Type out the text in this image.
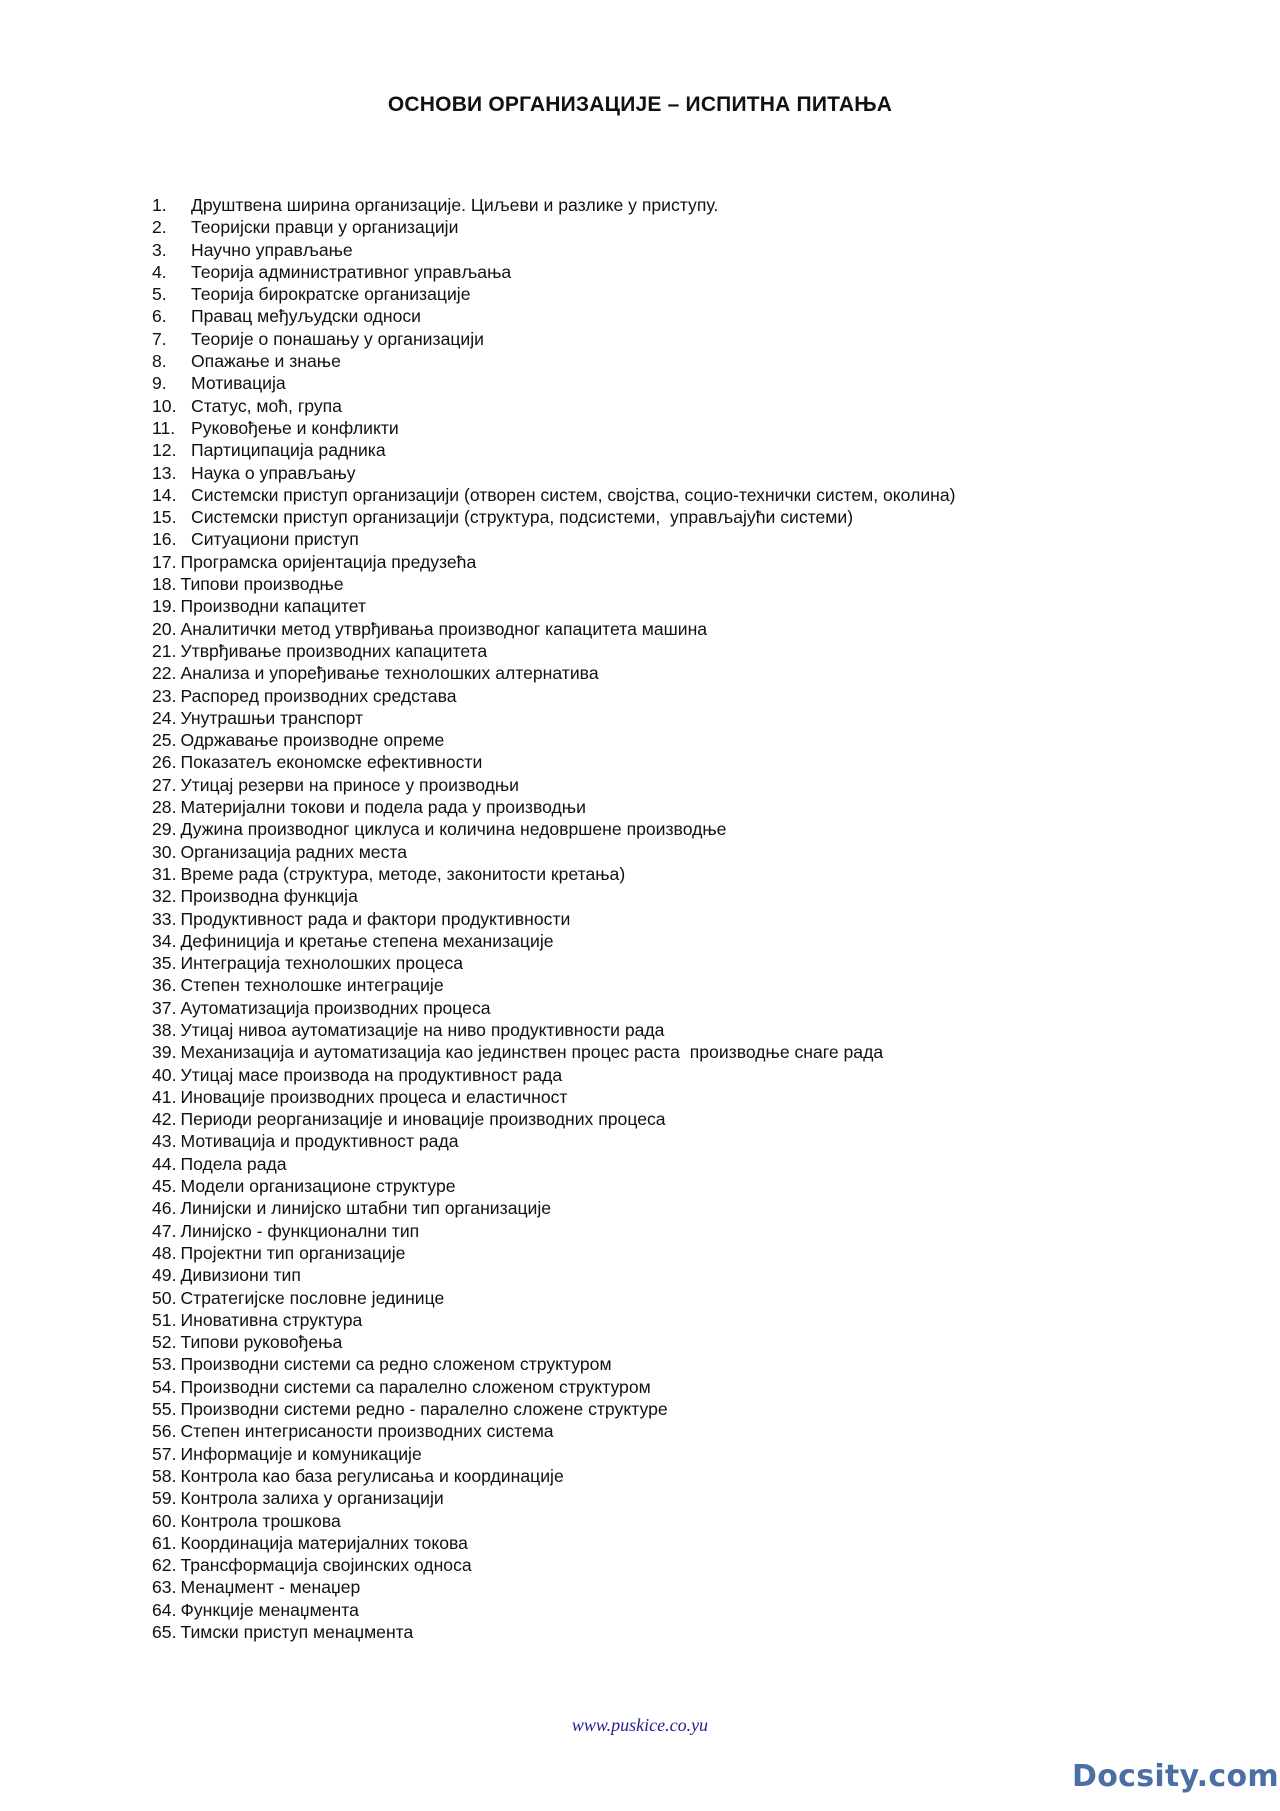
ОСНОВИ ОРГАНИЗАЦИЈЕ – ИСПИТНА ПИТАЊА
1. Друштвена ширина организације. Циљеви и разлике у приступу.
2. Теоријски правци у организацији
3. Научно управљање
4. Теорија административног управљања
5. Теорија бирократске организације
6. Правац међуљудски односи
7. Теорије о понашању у организацији
8. Опажање и знање
9. Мотивација
10. Статус, моћ, група
11. Руковођење и конфликти
12. Партиципација радника
13. Наука о управљању
14. Системски приступ организацији (отворен систем, својства, социо-технички систем, околина)
15. Системски приступ организацији (структура, подсистеми,  управљајући системи)
16. Ситуациони приступ
17. Програмска оријентација предузећа
18. Типови производње
19. Производни капацитет
20. Аналитички метод утврђивања производног капацитета машина
21. Утврђивање производних капацитета
22. Анализа и упоређивање технолошких алтернатива
23. Распоред производних средстава
24. Унутрашњи транспорт
25. Одржавање производне опреме
26. Показатељ економске ефективности
27. Утицај резерви на приносе у производњи
28. Материјални токови и подела рада у производњи
29. Дужина производног циклуса и количина недовршене производње
30. Организација радних места
31. Време рада (структура, методе, законитости кретања)
32. Производна функција
33. Продуктивност рада и фактори продуктивности
34. Дефиниција и кретање степена механизације
35. Интеграција технолошких процеса
36. Степен технолошке интеграције
37. Аутоматизација производних процеса
38. Утицај нивоа аутоматизације на ниво продуктивности рада
39. Механизација и аутоматизација као јединствен процес раста  производње снаге рада
40. Утицај масе производа на продуктивност рада
41. Иновације производних процеса и еластичност
42. Периоди реорганизације и иновације производних процеса
43. Мотивација и продуктивност рада
44. Подела рада
45. Модели организационе структуре
46. Линијски и линијско штабни тип организације
47. Линијско - функционални тип
48. Пројектни тип организације
49. Дивизиони тип
50. Стратегијске пословне јединице
51. Иновативна структура
52. Типови руковођења
53. Производни системи са редно сложеном структуром
54. Производни системи са паралелно сложеном структуром
55. Производни системи редно - паралелно сложене структуре
56. Степен интегрисаности производних система
57. Информације и комуникације
58. Контрола као база регулисања и координације
59. Контрола залиха у организацији
60. Контрола трошкова
61. Координација материјалних токова
62. Трансформација својинских односа
63. Менаџмент - менаџер
64. Функције менаџмента
65. Тимски приступ менаџмента
www.puskice.co.yu
Docsity.com
